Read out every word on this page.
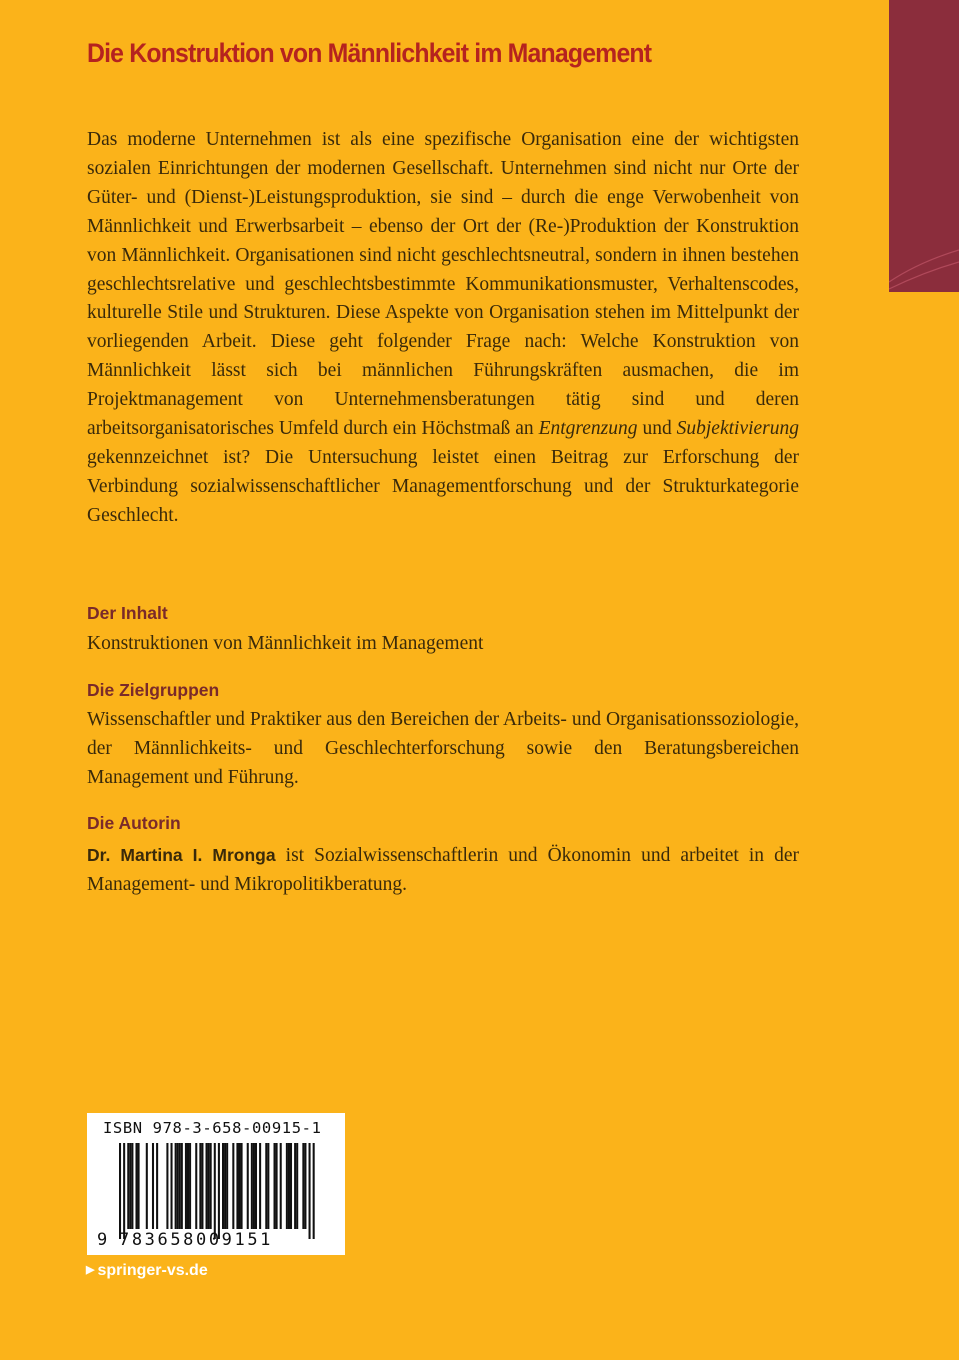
Die Konstruktion von Männlichkeit im Management

Das moderne Unternehmen ist als eine spezifische Organisation eine der wichtigsten sozialen Einrichtungen der modernen Gesellschaft. Unternehmen sind nicht nur Orte der Güter- und (Dienst-)Leistungsproduktion, sie sind – durch die enge Verwobenheit von Männlichkeit und Erwerbsarbeit – ebenso der Ort der (Re-)Produktion der Konstruktion von Männlichkeit. Organisationen sind nicht geschlechtsneutral, sondern in ihnen bestehen geschlechtsrelative und geschlechtsbestimmte Kommunikationsmuster, Verhaltenscodes, kulturelle Stile und Strukturen. Diese Aspekte von Organisation stehen im Mittelpunkt der vorliegenden Arbeit. Diese geht folgender Frage nach: Welche Konstruktion von Männlichkeit lässt sich bei männlichen Führungskräften ausmachen, die im Projektmanagement von Unternehmensberatungen tätig sind und deren arbeitsorganisatorisches Umfeld durch ein Höchstmaß an Entgrenzung und Subjektivierung gekennzeichnet ist? Die Untersuchung leistet einen Beitrag zur Erforschung der Verbindung sozialwissenschaftlicher Managementforschung und der Strukturkategorie Geschlecht.

Der Inhalt

Konstruktionen von Männlichkeit im Management

Die Zielgruppen

Wissenschaftler und Praktiker aus den Bereichen der Arbeits- und Organisationssoziologie, der Männlichkeits- und Geschlechterforschung sowie den Beratungsbereichen Management und Führung.

Die Autorin

Dr. Martina I. Mronga ist Sozialwissenschaftlerin und Ökonomin und arbeitet in der Management- und Mikropolitikberatung.

ISBN 978-3-658-00915-1
9 783658009151
▶ springer-vs.de
